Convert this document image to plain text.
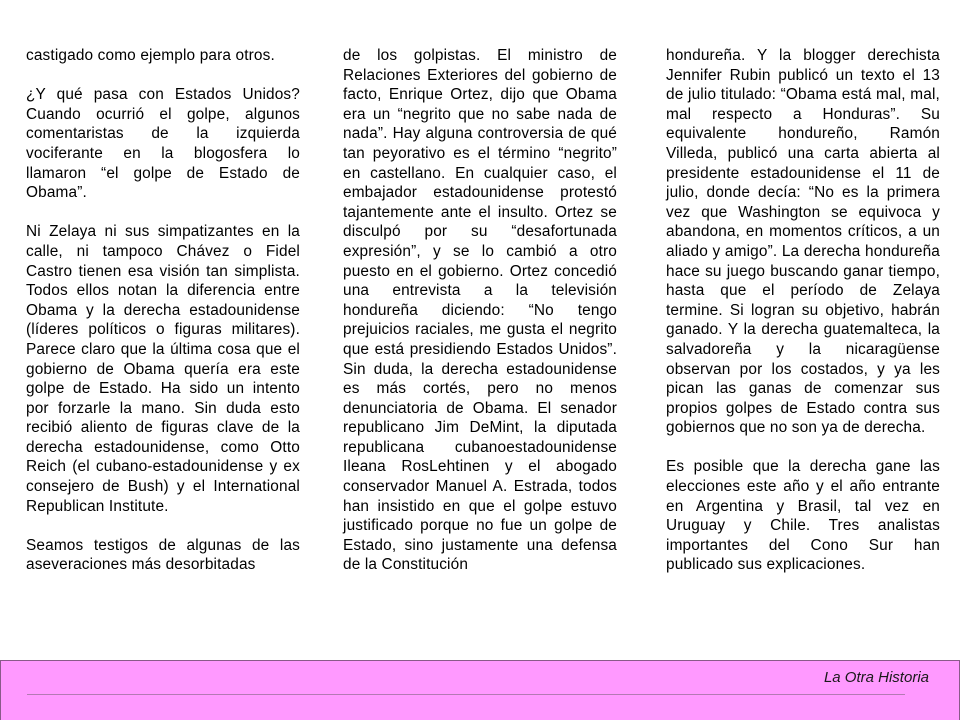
castigado como ejemplo para otros.

¿Y qué pasa con Estados Unidos? Cuando ocurrió el golpe, algunos comentaristas de la izquierda vociferante en la blogosfera lo llamaron “el golpe de Estado de Obama”.

Ni Zelaya ni sus simpatizantes en la calle, ni tampoco Chávez o Fidel Castro tienen esa visión tan simplista. Todos ellos notan la diferencia entre Obama y la derecha estadounidense (líderes políticos o figuras militares). Parece claro que la última cosa que el gobierno de Obama quería era este golpe de Estado. Ha sido un intento por forzarle la mano. Sin duda esto recibió aliento de figuras clave de la derecha estadounidense, como Otto Reich (el cubano-estadounidense y ex consejero de Bush) y el International Republican Institute.

Seamos testigos de algunas de las aseveraciones más desorbitadas

de los golpistas. El ministro de Relaciones Exteriores del gobierno de facto, Enrique Ortez, dijo que Obama era un “negrito que no sabe nada de nada”. Hay alguna controversia de qué tan peyorativo es el término “negrito” en castellano. En cualquier caso, el embajador estadounidense protestó tajantemente ante el insulto. Ortez se disculpó por su “desafortunada expresión”, y se lo cambió a otro puesto en el gobierno. Ortez concedió una entrevista a la televisión hondureña diciendo: “No tengo prejuicios raciales, me gusta el negrito que está presidiendo Estados Unidos”. Sin duda, la derecha estadounidense es más cortés, pero no menos denunciatoria de Obama. El senador republicano Jim DeMint, la diputada republicana cubanoestadounidense Ileana RosLehtinen y el abogado conservador Manuel A. Estrada, todos han insistido en que el golpe estuvo justificado porque no fue un golpe de Estado, sino justamente una defensa de la Constitución

hondureña. Y la blogger derechista Jennifer Rubin publicó un texto el 13 de julio titulado: “Obama está mal, mal, mal respecto a Honduras”. Su equivalente hondureño, Ramón Villeda, publicó una carta abierta al presidente estadounidense el 11 de julio, donde decía: “No es la primera vez que Washington se equivoca y abandona, en momentos críticos, a un aliado y amigo”. La derecha hondureña hace su juego buscando ganar tiempo, hasta que el período de Zelaya termine. Si logran su objetivo, habrán ganado. Y la derecha guatemalteca, la salvadoreña y la nicaragüense observan por los costados, y ya les pican las ganas de comenzar sus propios golpes de Estado contra sus gobiernos que no son ya de derecha.

Es posible que la derecha gane las elecciones este año y el año entrante en Argentina y Brasil, tal vez en Uruguay y Chile. Tres analistas importantes del Cono Sur han publicado sus explicaciones.

La Otra Historia
